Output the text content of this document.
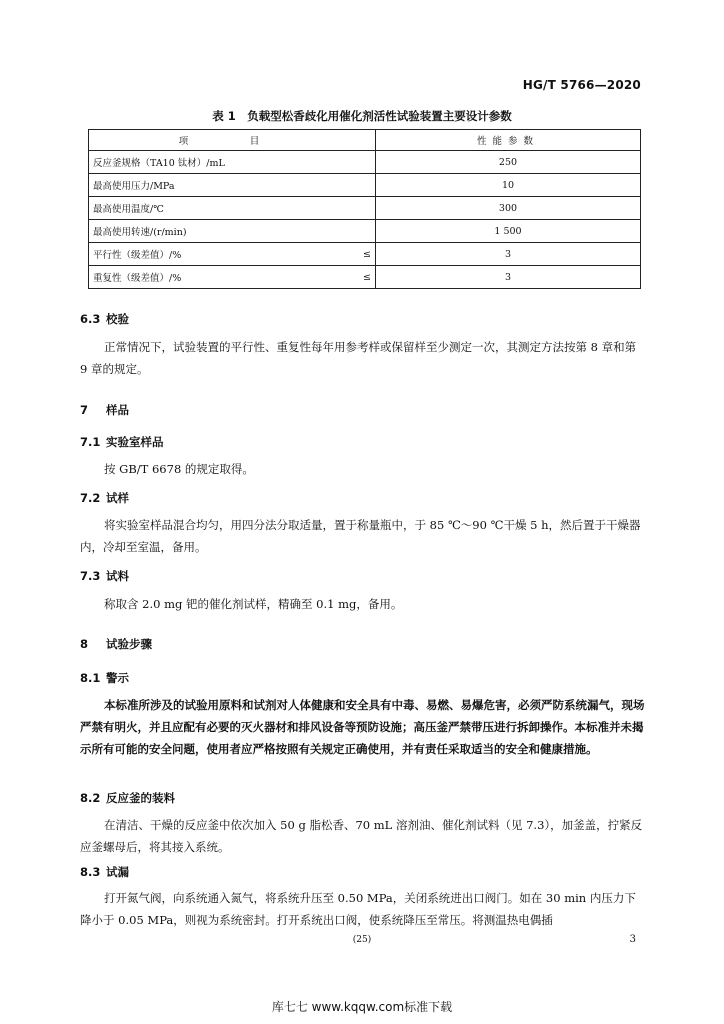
HG/T 5766—2020
表 1　负载型松香歧化用催化剂活性试验装置主要设计参数
项　目	性能参数

反应釜规格（TA10 钛材）/mL	250

最高使用压力/MPa	10

最高使用温度/℃	300

最高使用转速/(r/min)	1 500

平行性（级差值）/% ≤	3

重复性（级差值）/% ≤	3
6.3 校验
正常情况下，试验装置的平行性、重复性每年用参考样或保留样至少测定一次，其测定方法按第 8 章和第 9 章的规定。
7 样品
7.1 实验室样品
按 GB/T 6678 的规定取得。
7.2 试样
将实验室样品混合均匀，用四分法分取适量，置于称量瓶中，于 85 ℃～90 ℃干燥 5 h，然后置于干燥器内，冷却至室温，备用。
7.3 试料
称取含 2.0 mg 钯的催化剂试样，精确至 0.1 mg，备用。
8 试验步骤
8.1 警示
本标准所涉及的试验用原料和试剂对人体健康和安全具有中毒、易燃、易爆危害，必须严防系统漏气，现场严禁有明火，并且应配有必要的灭火器材和排风设备等预防设施；高压釜严禁带压进行拆卸操作。本标准并未揭示所有可能的安全问题，使用者应严格按照有关规定正确使用，并有责任采取适当的安全和健康措施。
8.2 反应釜的装料
在清洁、干燥的反应釜中依次加入 50 g 脂松香、70 mL 溶剂油、催化剂试料（见 7.3），加釜盖，拧紧反应釜螺母后，将其接入系统。
8.3 试漏
打开氮气阀，向系统通入氮气，将系统升压至 0.50 MPa，关闭系统进出口阀门。如在 30 min 内压力下降小于 0.05 MPa，则视为系统密封。打开系统出口阀，使系统降压至常压。将测温热电偶插
(25)	3
库七七 www.kqqw.com标准下载
